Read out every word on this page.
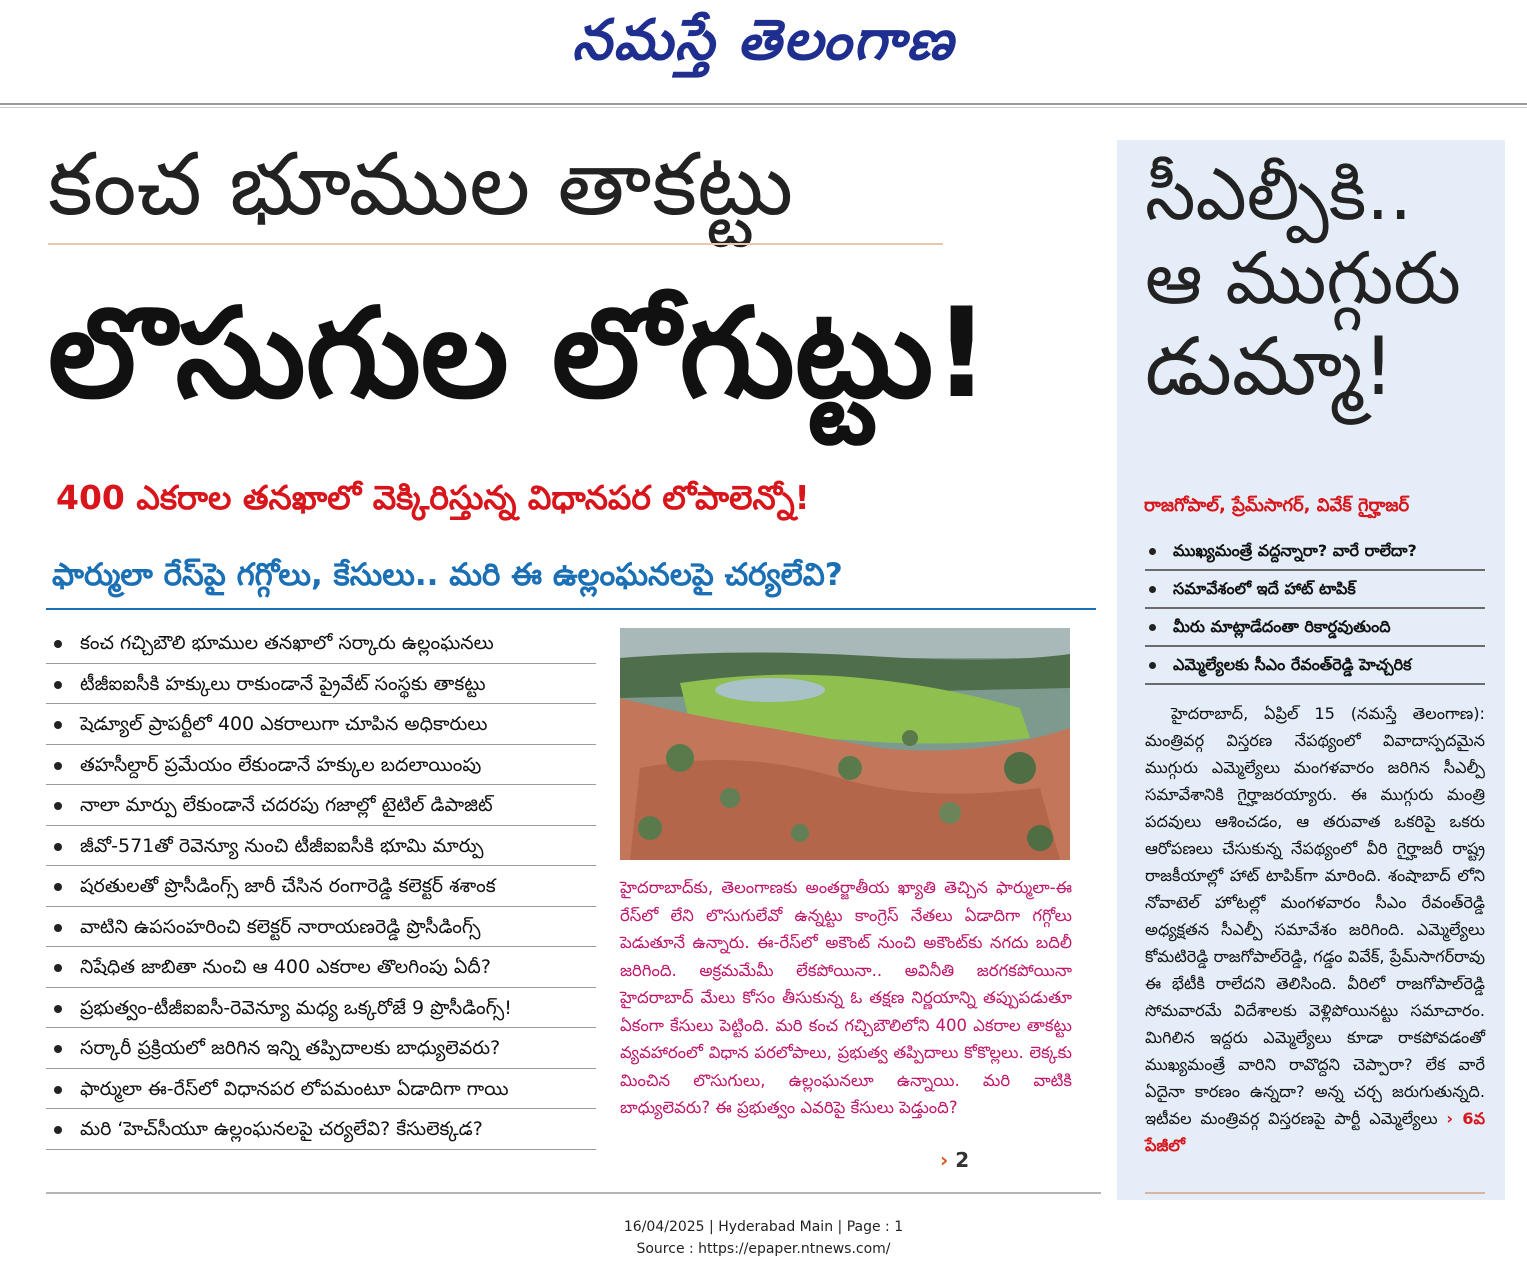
నమస్తే తెలంగాణ
కంచ భూముల తాకట్టు
లొసుగుల లోగుట్టు!
400 ఎకరాల తనఖాలో వెక్కిరిస్తున్న విధానపర లోపాలెన్నో!
ఫార్ములా రేస్‌పై గగ్గోలు, కేసులు.. మరి ఈ ఉల్లంఘనలపై చర్యలేవి?
కంచ గచ్చిబౌలి భూముల తనఖాలో సర్కారు ఉల్లంఘనలు
టీజీఐఐసీకి హక్కులు రాకుండానే ప్రైవేట్ సంస్థకు తాకట్టు
షెడ్యూల్ ప్రాపర్టీలో 400 ఎకరాలుగా చూపిన అధికారులు
తహసీల్దార్ ప్రమేయం లేకుండానే హక్కుల బదలాయింపు
నాలా మార్పు లేకుండానే చదరపు గజాల్లో టైటిల్ డిపాజిట్
జీవో-571తో రెవెన్యూ నుంచి టీజీఐఐసీకి భూమి మార్పు
షరతులతో ప్రొసీడింగ్స్ జారీ చేసిన రంగారెడ్డి కలెక్టర్ శశాంక
వాటిని ఉపసంహరించి కలెక్టర్ నారాయణరెడ్డి ప్రొసీడింగ్స్
నిషేధిత జాబితా నుంచి ఆ 400 ఎకరాల తొలగింపు ఏదీ?
ప్రభుత్వం-టీజీఐఐసీ-రెవెన్యూ మధ్య ఒక్కరోజే 9 ప్రొసీడింగ్స్!
సర్కారీ ప్రక్రియలో జరిగిన ఇన్ని తప్పిదాలకు బాధ్యులెవరు?
ఫార్ములా ఈ-రేస్‌లో విధానపర లోపమంటూ ఏడాదిగా గాయి
మరి ‘హెచ్‌సీయూ ఉల్లంఘనలపై చర్యలేవి? కేసులెక్కడ?
హైదరాబాద్‌కు, తెలంగాణకు అంతర్జాతీయ ఖ్యాతి తెచ్చిన ఫార్ములా-ఈ రేస్‌లో లేని లొసుగులేవో ఉన్నట్టు కాంగ్రెస్ నేతలు ఏడాదిగా గగ్గోలు పెడుతూనే ఉన్నారు. ఈ-రేస్‌లో అకౌంట్ నుంచి అకౌంట్‌కు నగదు బదిలీ జరిగింది. అక్రమమేమీ లేకపోయినా.. అవినీతి జరగకపోయినా హైదరాబాద్ మేలు కోసం తీసుకున్న ఓ తక్షణ నిర్ణయాన్ని తప్పుపడుతూ ఏకంగా కేసులు పెట్టింది. మరి కంచ గచ్చిబౌలిలోని 400 ఎకరాల తాకట్టు వ్యవహారంలో విధాన పరలోపాలు, ప్రభుత్వ తప్పిదాలు కోకొల్లలు. లెక్కకు మించిన లొసుగులు, ఉల్లంఘనలూ ఉన్నాయి. మరి వాటికి బాధ్యులెవరు? ఈ ప్రభుత్వం ఎవరిపై కేసులు పెడ్తుంది?
› 2
సీఎల్పీకి..
ఆ ముగ్గురు
డుమ్మా!
రాజగోపాల్, ప్రేమ్‌సాగర్, వివేక్ గైర్హాజర్
ముఖ్యమంత్రే వద్దన్నారా? వారే రాలేదా?
సమావేశంలో ఇదే హాట్ టాపిక్
మీరు మాట్లాడేదంతా రికార్డవుతుంది
ఎమ్మెల్యేలకు సీఎం రేవంత్‌రెడ్డి హెచ్చరిక
హైదరాబాద్, ఏప్రిల్ 15 (నమస్తే తెలంగాణ): మంత్రివర్గ విస్తరణ నేపథ్యంలో వివాదాస్పదమైన ముగ్గురు ఎమ్మెల్యేలు మంగళవారం జరిగిన సీఎల్పీ సమావేశానికి గైర్హాజరయ్యారు. ఈ ముగ్గురు మంత్రి పదవులు ఆశించడం, ఆ తరువాత ఒకరిపై ఒకరు ఆరోపణలు చేసుకున్న నేపథ్యంలో వీరి గైర్హాజరీ రాష్ట్ర రాజకీయాల్లో హాట్ టాపిక్‌గా మారింది. శంషాబాద్ లోని నోవాటెల్ హోటల్లో మంగళవారం సీఎం రేవంత్‌రెడ్డి అధ్యక్షతన సీఎల్పీ సమావేశం జరిగింది. ఎమ్మెల్యేలు కోమటిరెడ్డి రాజగోపాల్‌రెడ్డి, గడ్డం వివేక్, ప్రేమ్‌సాగర్‌రావు ఈ భేటీకి రాలేదని తెలిసింది. వీరిలో రాజగోపాల్‌రెడ్డి సోమవారమే విదేశాలకు వెళ్లిపోయినట్టు సమాచారం. మిగిలిన ఇద్దరు ఎమ్మెల్యేలు కూడా రాకపోవడంతో ముఖ్యమంత్రే వారిని రావొద్దని చెప్పారా? లేక వారే ఏదైనా కారణం ఉన్నదా? అన్న చర్చ జరుగుతున్నది. ఇటీవల మంత్రివర్గ విస్తరణపై పార్టీ ఎమ్మెల్యేలు › 6వ పేజీలో
16/04/2025 | Hyderabad Main | Page : 1
Source : https://epaper.ntnews.com/
